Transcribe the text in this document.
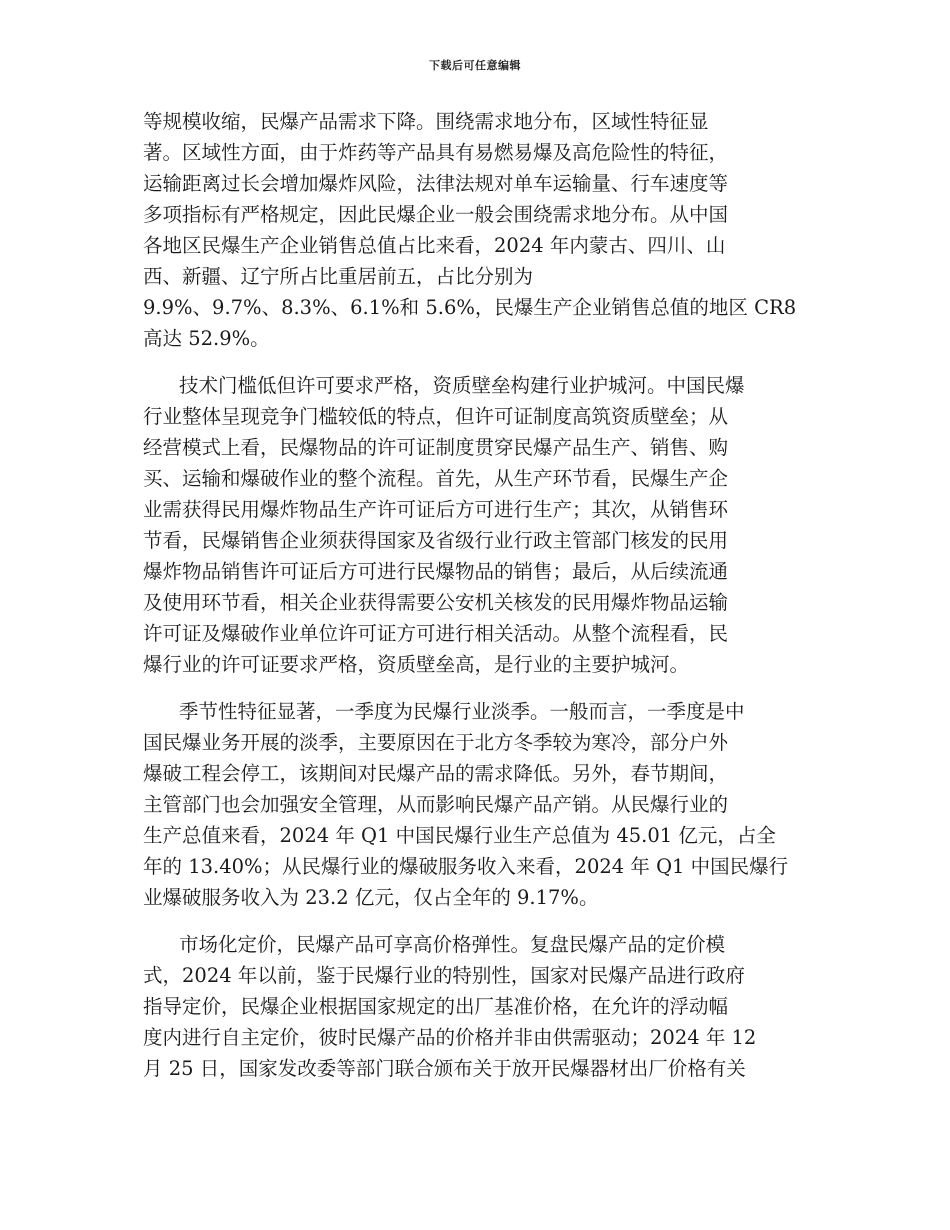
下载后可任意编辑
等规模收缩，民爆产品需求下降。围绕需求地分布，区域性特征显
著。区域性方面，由于炸药等产品具有易燃易爆及高危险性的特征，
运输距离过长会增加爆炸风险，法律法规对单车运输量、行车速度等
多项指标有严格规定，因此民爆企业一般会围绕需求地分布。从中国
各地区民爆生产企业销售总值占比来看，2024 年内蒙古、四川、山
西、新疆、辽宁所占比重居前五，占比分别为
9.9%、9.7%、8.3%、6.1%和 5.6%，民爆生产企业销售总值的地区 CR8
高达 52.9%。
技术门槛低但许可要求严格，资质壁垒构建行业护城河。中国民爆
行业整体呈现竞争门槛较低的特点，但许可证制度高筑资质壁垒；从
经营模式上看，民爆物品的许可证制度贯穿民爆产品生产、销售、购
买、运输和爆破作业的整个流程。首先，从生产环节看，民爆生产企
业需获得民用爆炸物品生产许可证后方可进行生产；其次，从销售环
节看，民爆销售企业须获得国家及省级行业行政主管部门核发的民用
爆炸物品销售许可证后方可进行民爆物品的销售；最后，从后续流通
及使用环节看，相关企业获得需要公安机关核发的民用爆炸物品运输
许可证及爆破作业单位许可证方可进行相关活动。从整个流程看，民
爆行业的许可证要求严格，资质壁垒高，是行业的主要护城河。
季节性特征显著，一季度为民爆行业淡季。一般而言，一季度是中
国民爆业务开展的淡季，主要原因在于北方冬季较为寒冷，部分户外
爆破工程会停工，该期间对民爆产品的需求降低。另外，春节期间，
主管部门也会加强安全管理，从而影响民爆产品产销。从民爆行业的
生产总值来看，2024 年 Q1 中国民爆行业生产总值为 45.01 亿元，占全
年的 13.40%；从民爆行业的爆破服务收入来看，2024 年 Q1 中国民爆行
业爆破服务收入为 23.2 亿元，仅占全年的 9.17%。
市场化定价，民爆产品可享高价格弹性。复盘民爆产品的定价模
式，2024 年以前，鉴于民爆行业的特别性，国家对民爆产品进行政府
指导定价，民爆企业根据国家规定的出厂基准价格，在允许的浮动幅
度内进行自主定价，彼时民爆产品的价格并非由供需驱动；2024 年 12
月 25 日，国家发改委等部门联合颁布关于放开民爆器材出厂价格有关
